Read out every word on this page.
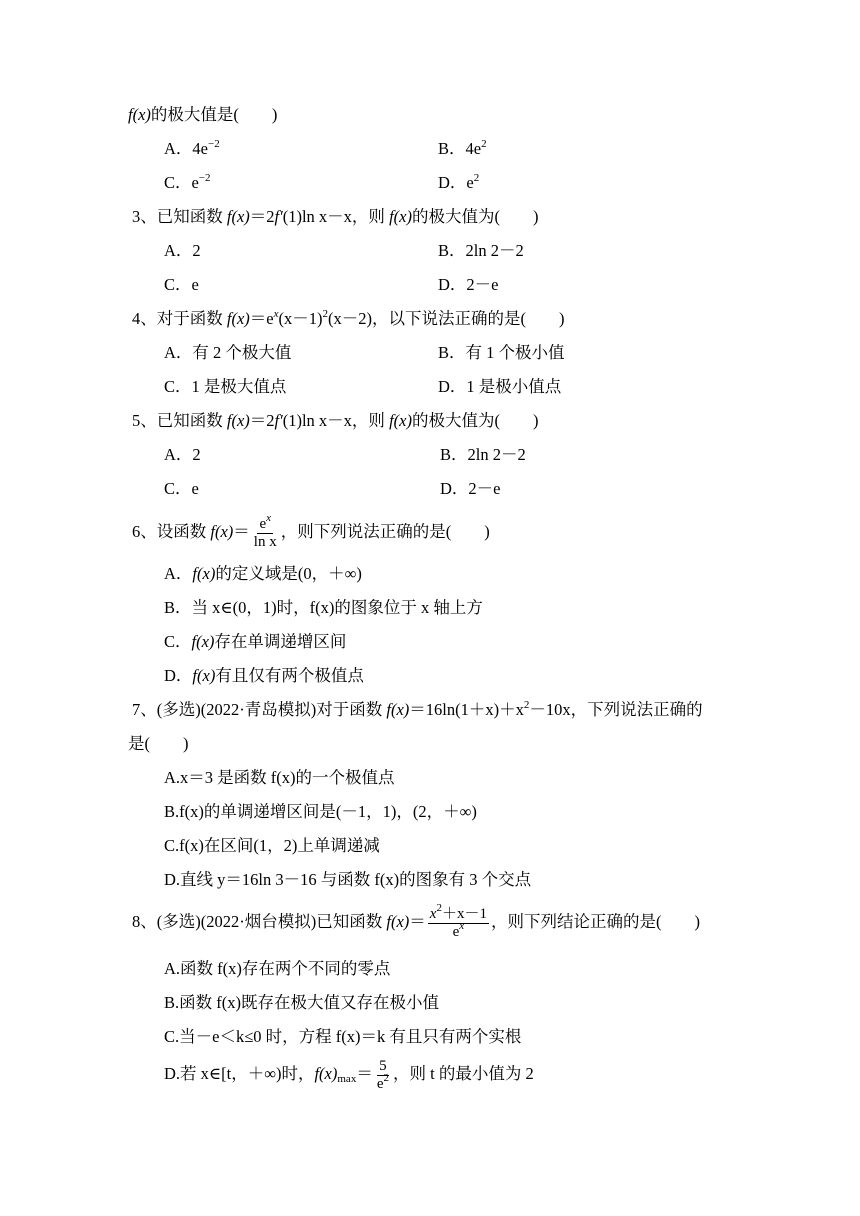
f(x)的极大值是(　　)
A．$4e^{-2}$	B．$4e^2$
C．$e^{-2}$	D．$e^2$
3、已知函数 f(x)＝2f′(1)ln x－x，则 f(x)的极大值为(　　)
A．2	B．2ln 2－2
C．e	D．2－e
4、对于函数 $f(x)=e^x(x-1)^2(x-2)$，以下说法正确的是(　　)
A．有 2 个极大值	B．有 1 个极小值
C．1 是极大值点	D．1 是极小值点
5、已知函数 f(x)＝2f′(1)ln x－x，则 f(x)的极大值为(　　)
A．2	B．2ln 2－2
C．e	D．2－e
6、设函数 $f(x)= \frac{e^x}{\text{ln x}}$ ，则下列说法正确的是(　　)
A．f(x)的定义域是(0，＋∞)
B．当 x∈(0，1)时，f(x)的图象位于 x 轴上方
C．f(x)存在单调递增区间
D．f(x)有且仅有两个极值点
7、(多选)(2022·青岛模拟)对于函数 $f(x)=16\ln(1+x)+x^2-10x$，下列说法正确的
是(　　)
A.x＝3 是函数 f(x)的一个极值点
B.f(x)的单调递增区间是(－1，1)，(2，＋∞)
C.f(x)在区间(1，2)上单调递减
D.直线 y＝16ln 3－16 与函数 f(x)的图象有 3 个交点
8、(多选)(2022·烟台模拟)已知函数 $f(x)= \frac{x^2+x-1}{e^x}$ ，则下列结论正确的是(　　)
A.函数 f(x)存在两个不同的零点
B.函数 f(x)既存在极大值又存在极小值
C.当－e＜k≤0 时，方程 f(x)＝k 有且只有两个实根
D.若 x∈[t，＋∞)时，$f(x)_{max}= \frac{5}{e^2}$ ，则 t 的最小值为 2
